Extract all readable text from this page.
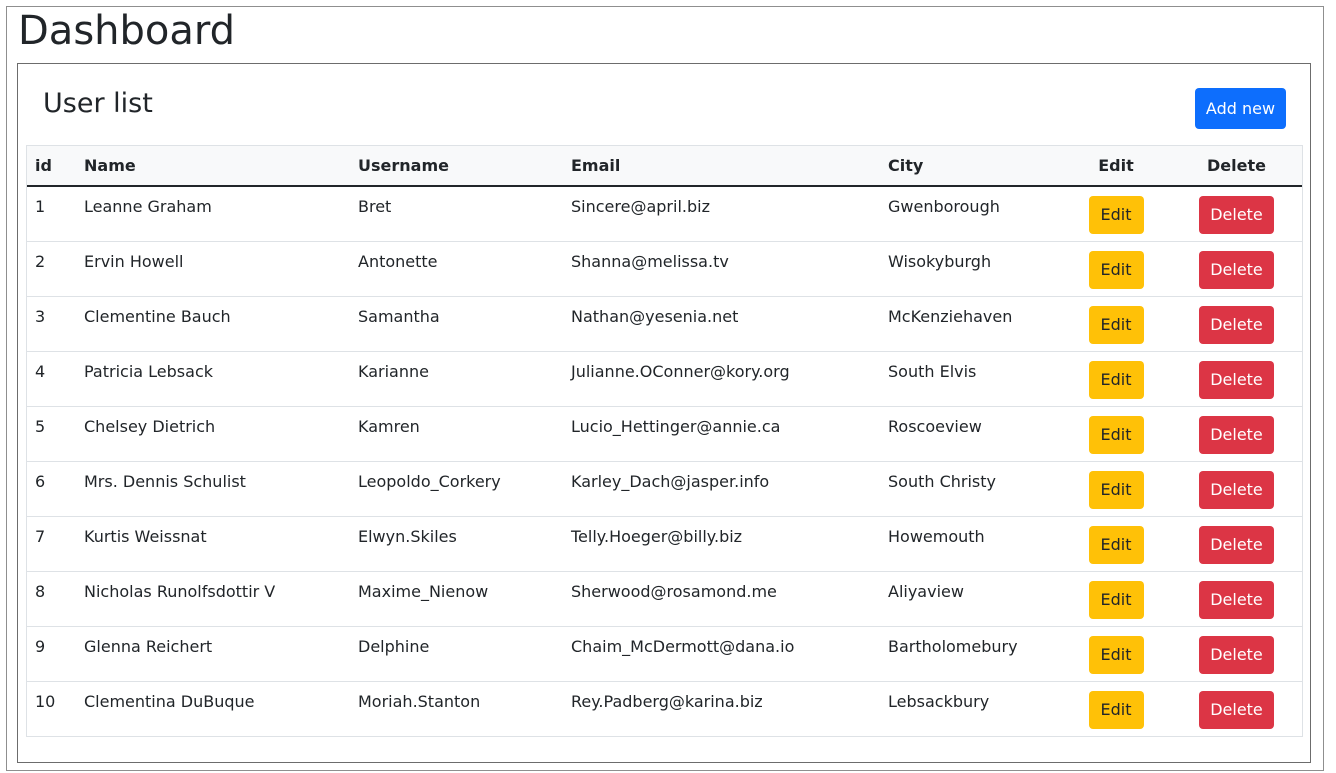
Dashboard
User list	Add new
id	Name	Username	Email	City	Edit	Delete
1	Leanne Graham	Bret	Sincere@april.biz	Gwenborough	Edit	Delete
2	Ervin Howell	Antonette	Shanna@melissa.tv	Wisokyburgh	Edit	Delete
3	Clementine Bauch	Samantha	Nathan@yesenia.net	McKenziehaven	Edit	Delete
4	Patricia Lebsack	Karianne	Julianne.OConner@kory.org	South Elvis	Edit	Delete
5	Chelsey Dietrich	Kamren	Lucio_Hettinger@annie.ca	Roscoeview	Edit	Delete
6	Mrs. Dennis Schulist	Leopoldo_Corkery	Karley_Dach@jasper.info	South Christy	Edit	Delete
7	Kurtis Weissnat	Elwyn.Skiles	Telly.Hoeger@billy.biz	Howemouth	Edit	Delete
8	Nicholas Runolfsdottir V	Maxime_Nienow	Sherwood@rosamond.me	Aliyaview	Edit	Delete
9	Glenna Reichert	Delphine	Chaim_McDermott@dana.io	Bartholomebury	Edit	Delete
10	Clementina DuBuque	Moriah.Stanton	Rey.Padberg@karina.biz	Lebsackbury	Edit	Delete
